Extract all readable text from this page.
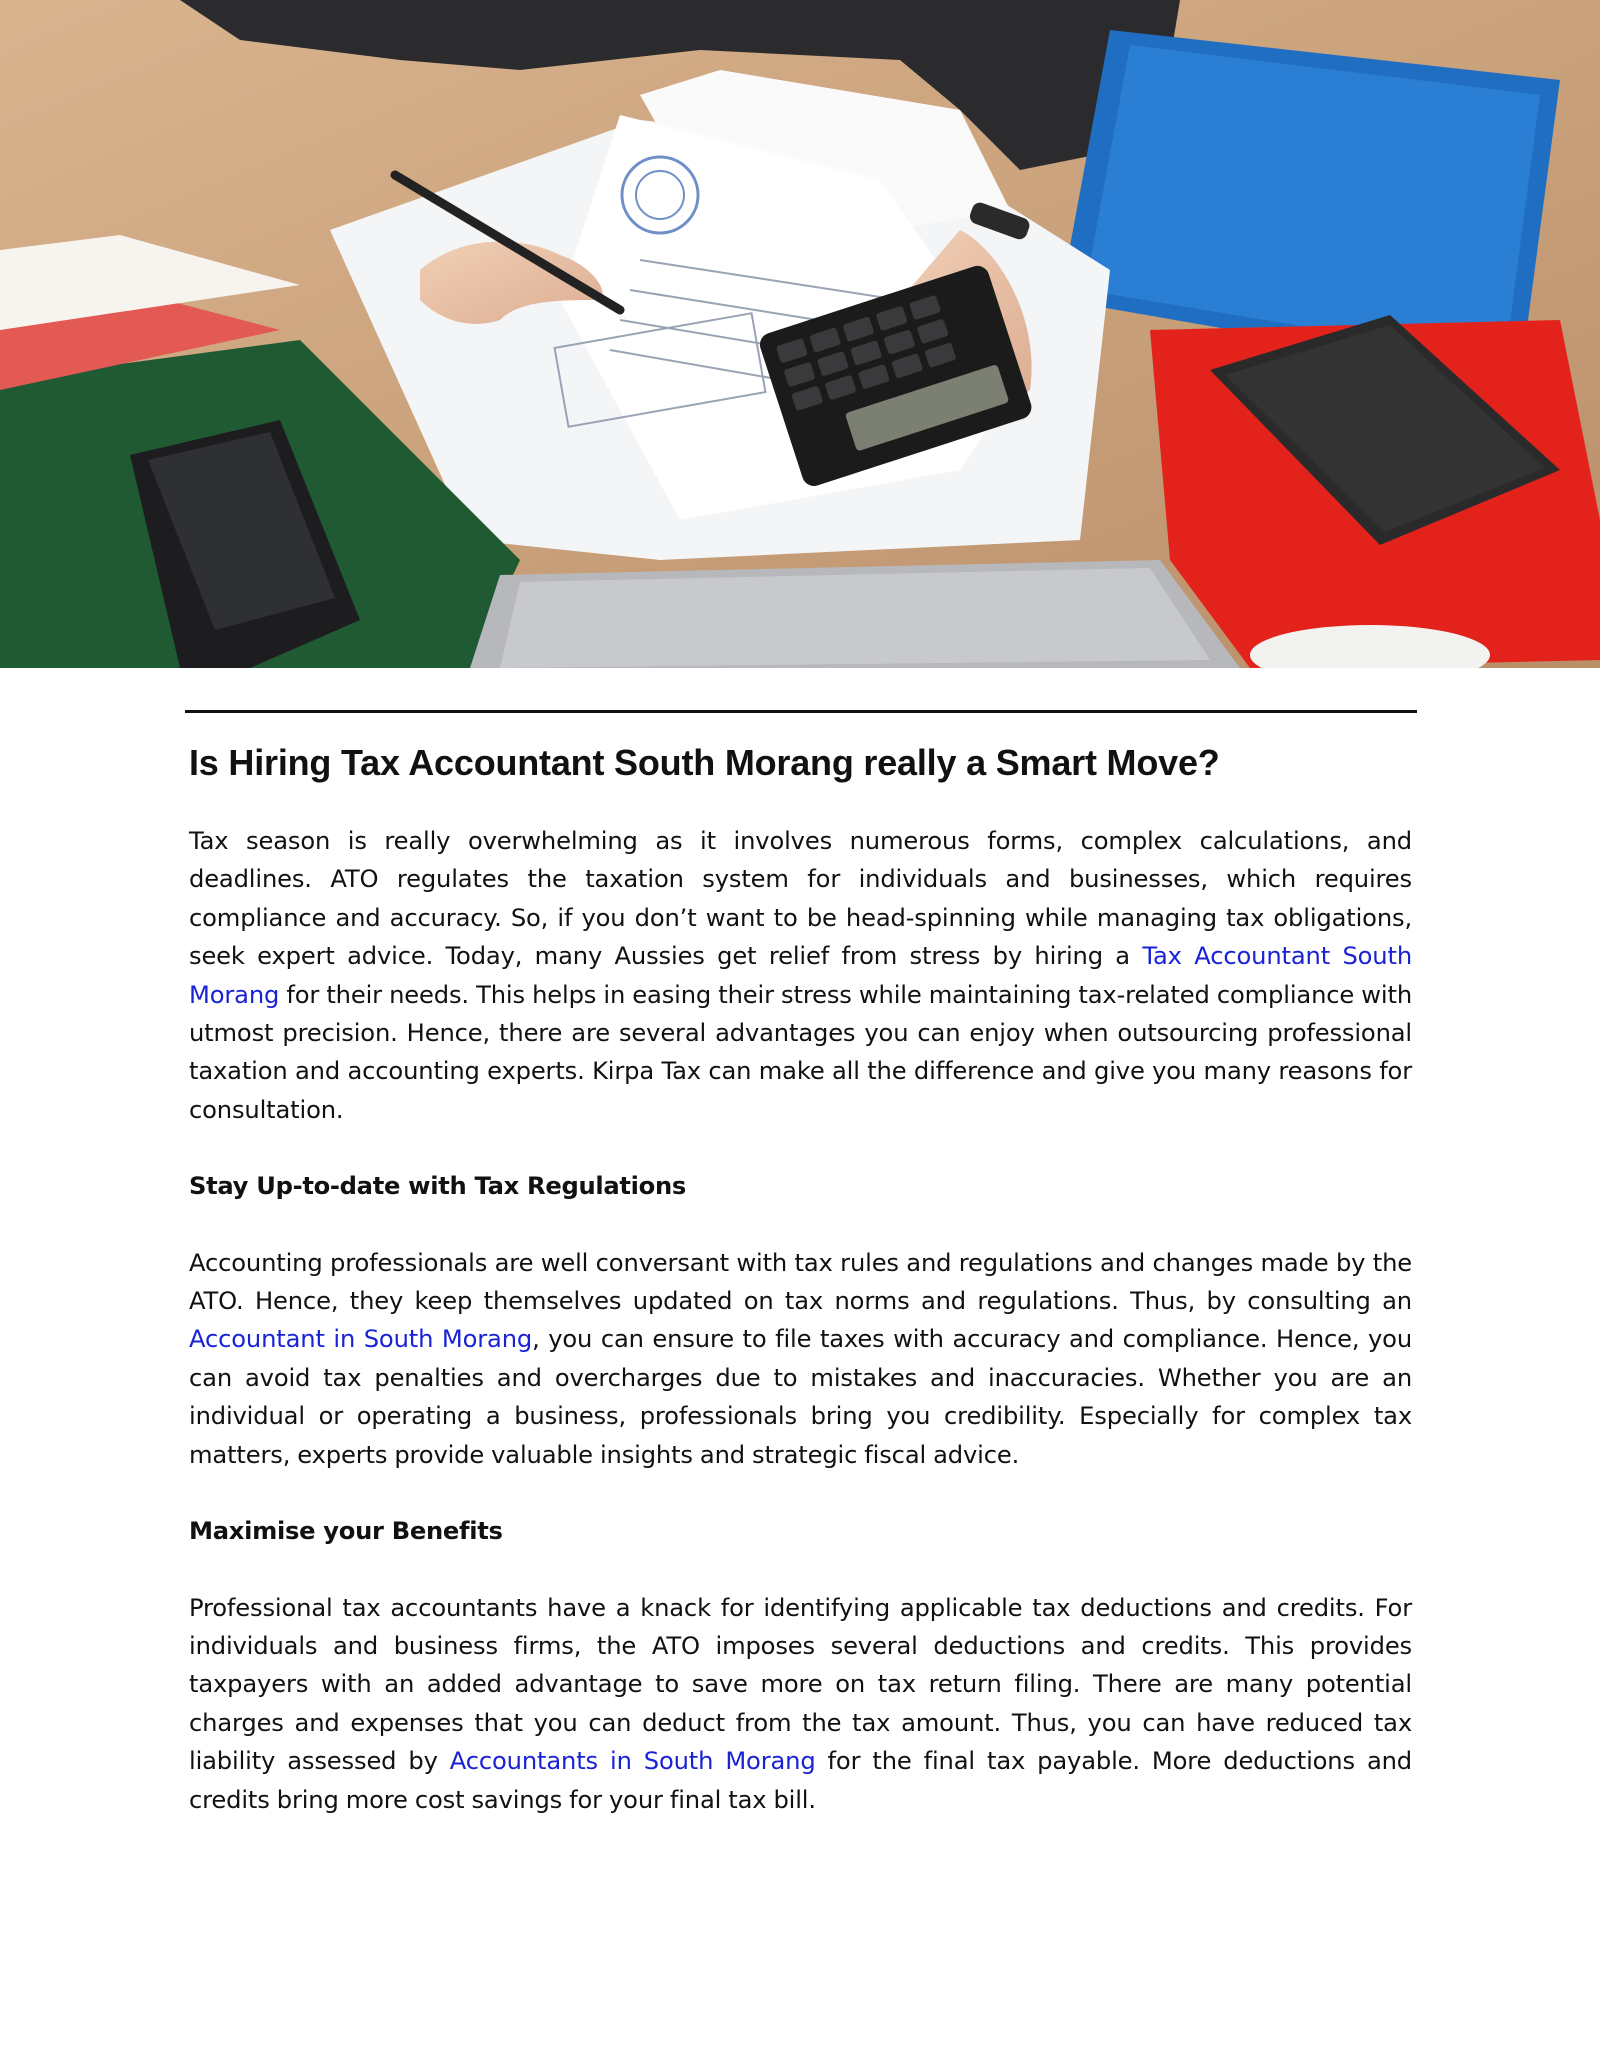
Is Hiring Tax Accountant South Morang really a Smart Move?

Tax season is really overwhelming as it involves numerous forms, complex calculations, and deadlines. ATO regulates the taxation system for individuals and businesses, which requires compliance and accuracy. So, if you don’t want to be head-spinning while managing tax obligations, seek expert advice. Today, many Aussies get relief from stress by hiring a Tax Accountant South Morang for their needs. This helps in easing their stress while maintaining tax-related compliance with utmost precision. Hence, there are several advantages you can enjoy when outsourcing professional taxation and accounting experts. Kirpa Tax can make all the difference and give you many reasons for consultation.

Stay Up-to-date with Tax Regulations

Accounting professionals are well conversant with tax rules and regulations and changes made by the ATO. Hence, they keep themselves updated on tax norms and regulations. Thus, by consulting an Accountant in South Morang, you can ensure to file taxes with accuracy and compliance. Hence, you can avoid tax penalties and overcharges due to mistakes and inaccuracies. Whether you are an individual or operating a business, professionals bring you credibility. Especially for complex tax matters, experts provide valuable insights and strategic fiscal advice.

Maximise your Benefits

Professional tax accountants have a knack for identifying applicable tax deductions and credits. For individuals and business firms, the ATO imposes several deductions and credits. This provides taxpayers with an added advantage to save more on tax return filing. There are many potential charges and expenses that you can deduct from the tax amount. Thus, you can have reduced tax liability assessed by Accountants in South Morang for the final tax payable. More deductions and credits bring more cost savings for your final tax bill.
